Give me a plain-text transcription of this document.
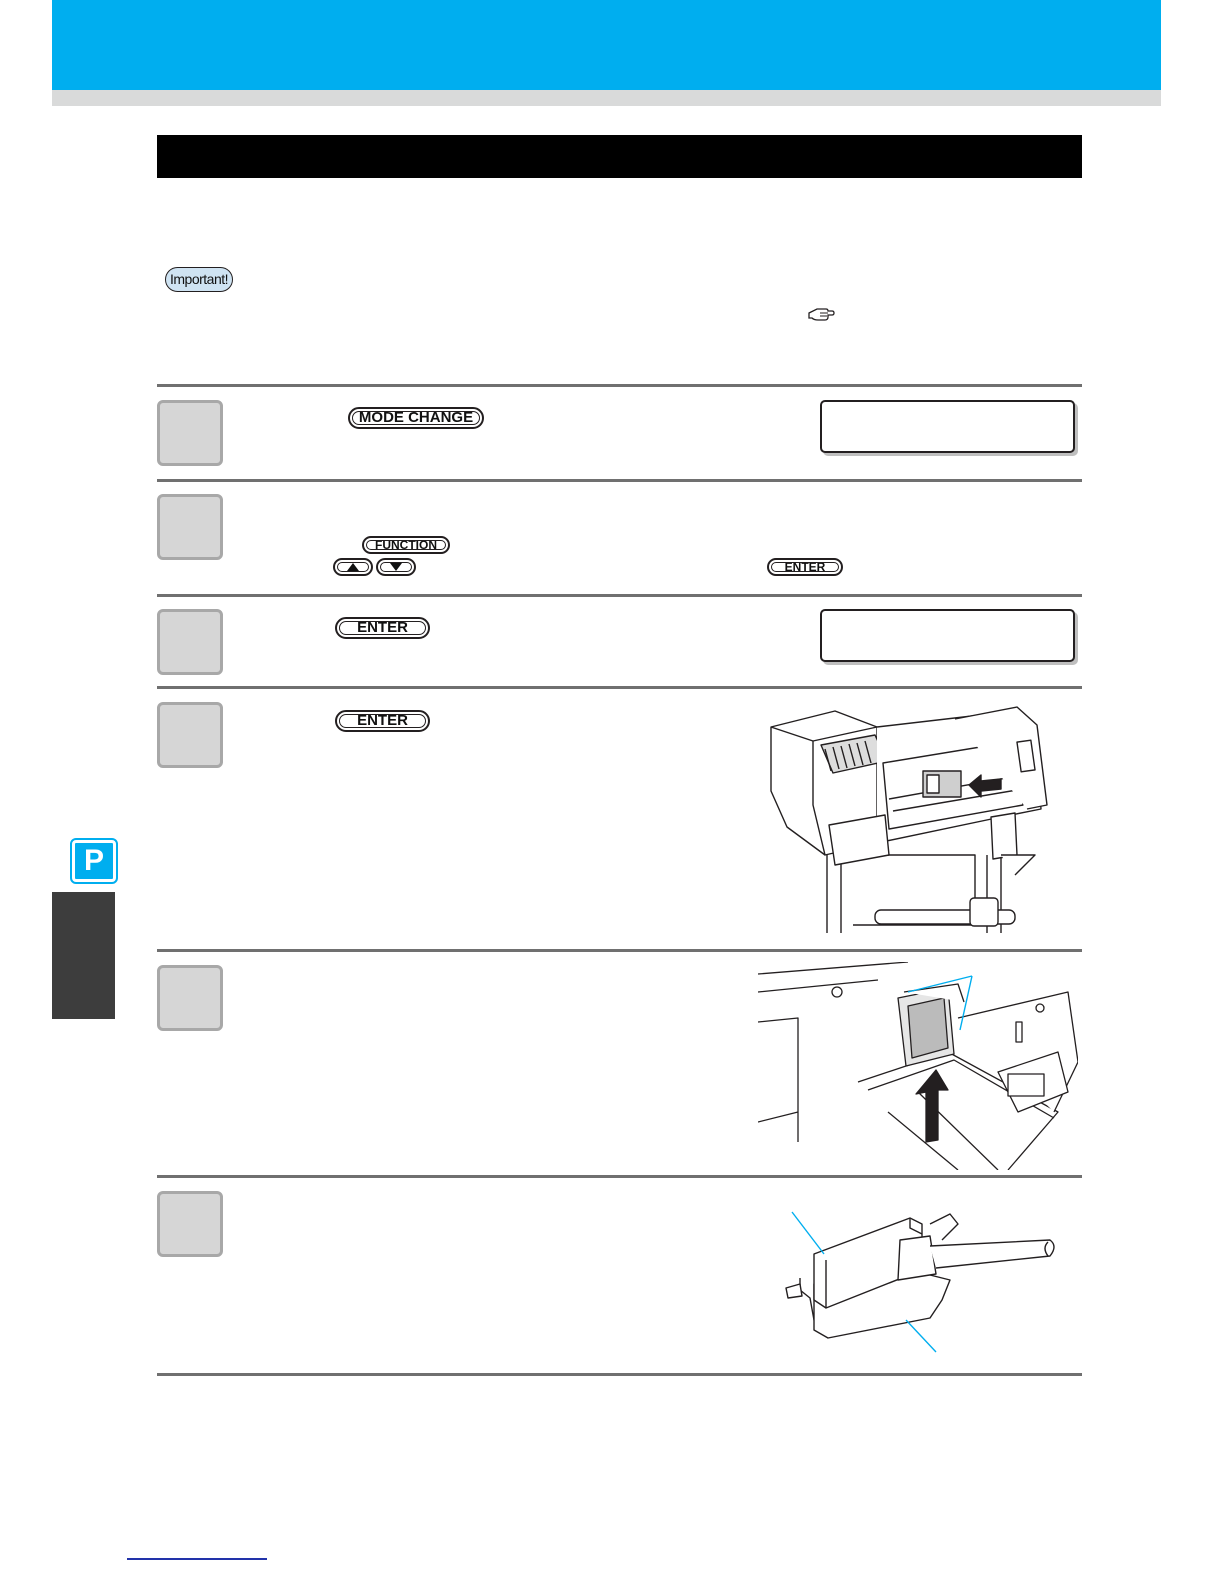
Important!
MODE CHANGE
FUNCTION
ENTER
ENTER
ENTER
P
